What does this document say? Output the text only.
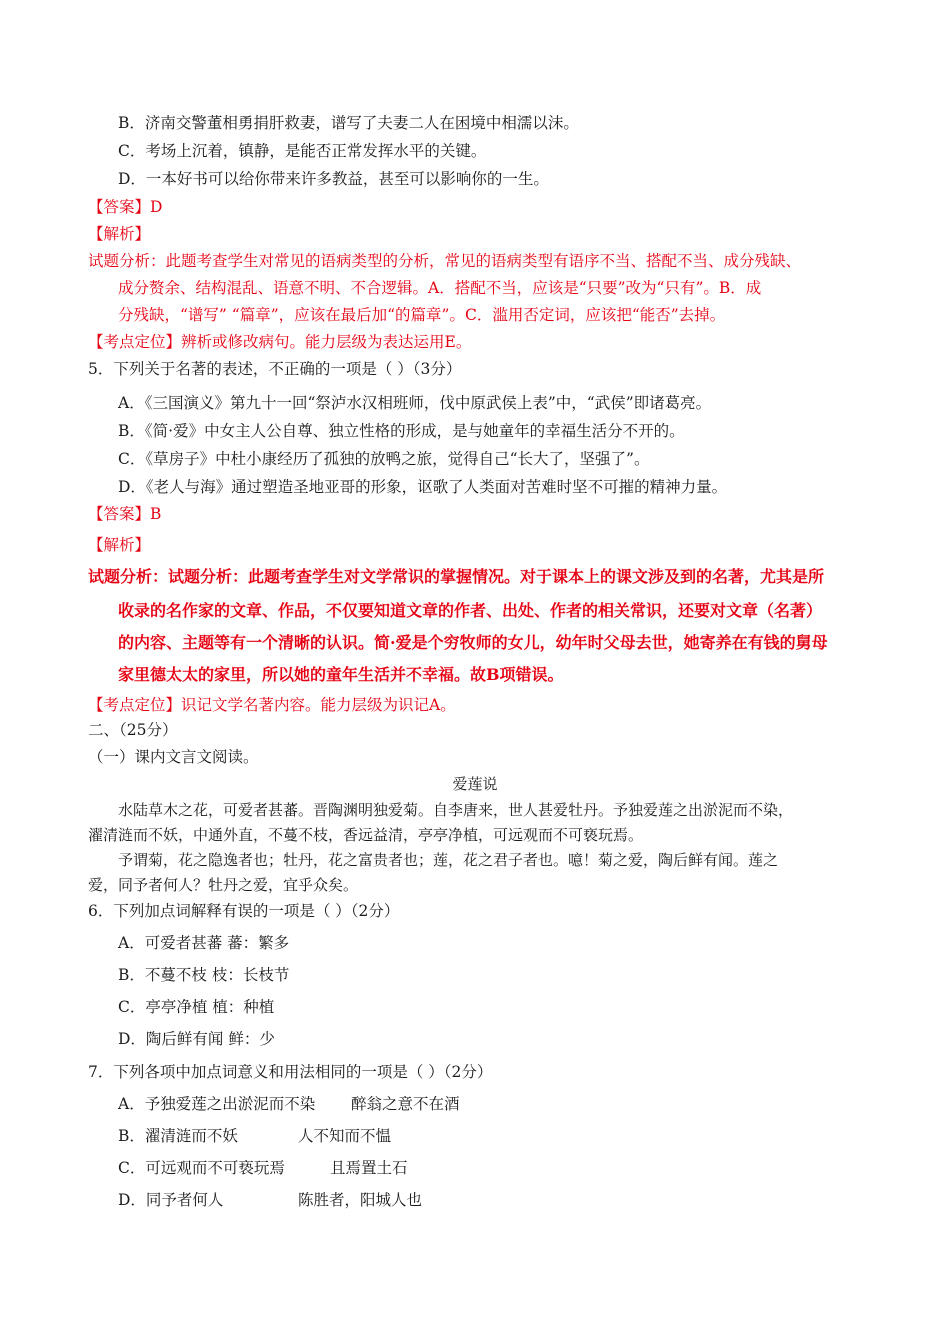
B．济南交警董相勇捐肝救妻，谱写了夫妻二人在困境中相濡以沫。
C．考场上沉着，镇静，是能否正常发挥水平的关键。
D．一本好书可以给你带来许多教益，甚至可以影响你的一生。
【答案】D
【解析】
试题分析：此题考查学生对常见的语病类型的分析，常见的语病类型有语序不当、搭配不当、成分残缺、
成分赘余、结构混乱、语意不明、不合逻辑。A．搭配不当，应该是“只要”改为“只有”。B．成
分残缺，“谱写” “篇章”，应该在最后加“的篇章”。C．滥用否定词，应该把“能否”去掉。
【考点定位】辨析或修改病句。能力层级为表达运用E。
5．下列关于名著的表述，不正确的一项是（ ）（3分）
A．《三国演义》第九十一回“祭泸水汉相班师，伐中原武侯上表”中，“武侯”即诸葛亮。
B．《简·爱》中女主人公自尊、独立性格的形成，是与她童年的幸福生活分不开的。
C．《草房子》中杜小康经历了孤独的放鸭之旅，觉得自己“长大了，坚强了”。
D．《老人与海》通过塑造圣地亚哥的形象，讴歌了人类面对苦难时坚不可摧的精神力量。
【答案】B
【解析】
试题分析：试题分析：此题考查学生对文学常识的掌握情况。对于课本上的课文涉及到的名著，尤其是所
收录的名作家的文章、作品，不仅要知道文章的作者、出处、作者的相关常识，还要对文章（名著）
的内容、主题等有一个清晰的认识。简·爱是个穷牧师的女儿，幼年时父母去世，她寄养在有钱的舅母
家里德太太的家里，所以她的童年生活并不幸福。故B项错误。
【考点定位】识记文学名著内容。能力层级为识记A。
二、（25分）
（一）课内文言文阅读。
爱莲说
水陆草木之花，可爱者甚蕃。晋陶渊明独爱菊。自李唐来，世人甚爱牡丹。予独爱莲之出淤泥而不染，
濯清涟而不妖，中通外直，不蔓不枝，香远益清，亭亭净植，可远观而不可亵玩焉。
予谓菊，花之隐逸者也；牡丹，花之富贵者也；莲，花之君子者也。噫！菊之爱，陶后鲜有闻。莲之
爱，同予者何人？牡丹之爱，宜乎众矣。
6．下列加点词解释有误的一项是（ ）（2分）
A．可爱者甚蕃 蕃：繁多
B．不蔓不枝 枝：长枝节
C．亭亭净植 植：种植
D．陶后鲜有闻 鲜：少
7．下列各项中加点词意义和用法相同的一项是（ ）（2分）
A．予独爱莲之出淤泥而不染 醉翁之意不在酒
B．濯清涟而不妖	人不知而不愠
C．可远观而不可亵玩焉	且焉置土石
D．同予者何人	陈胜者，阳城人也
